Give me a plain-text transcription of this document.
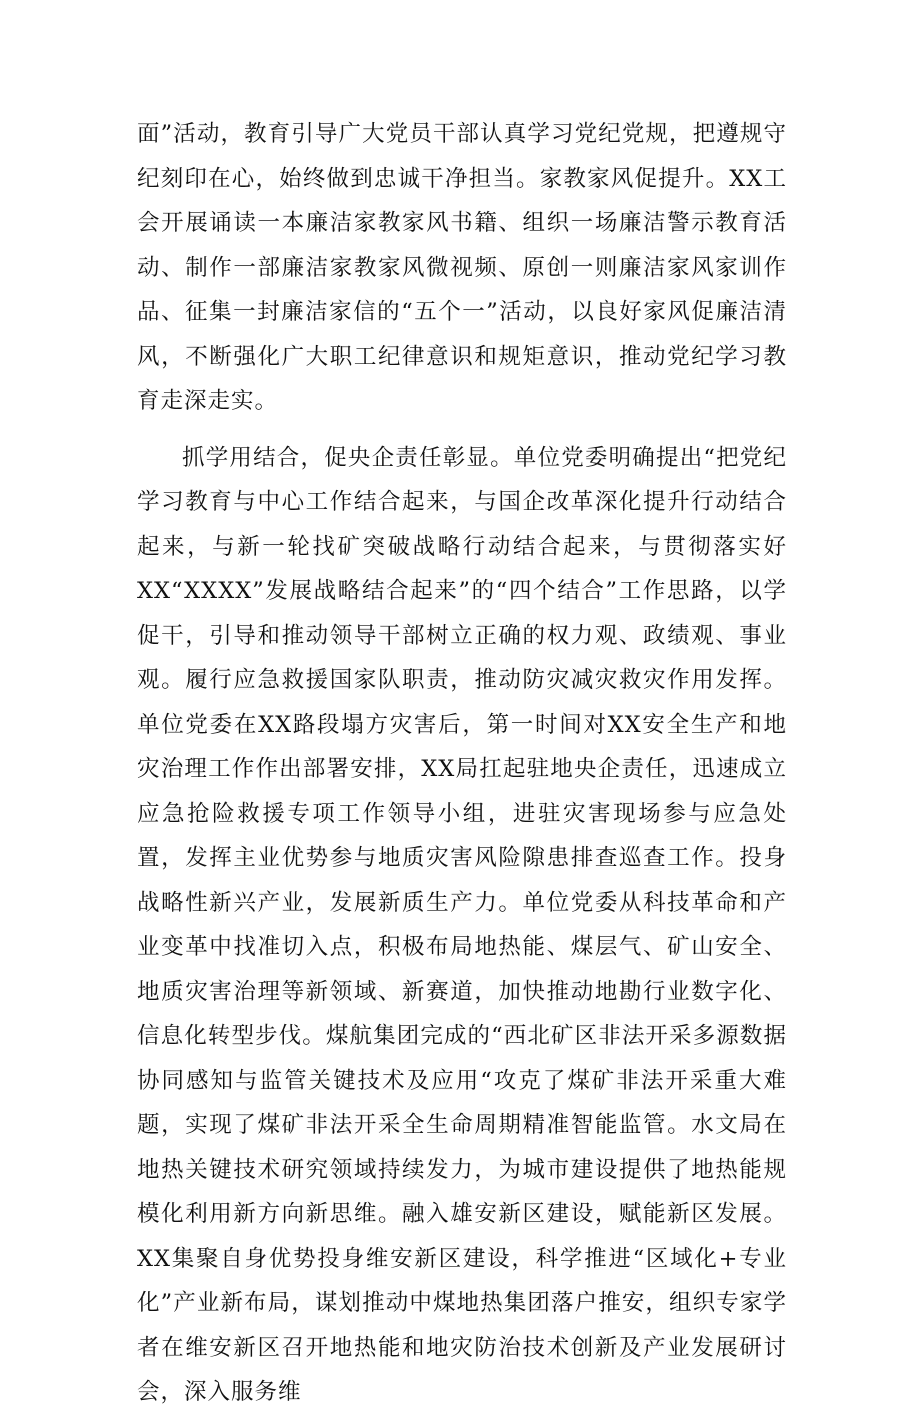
面”活动，教育引导广大党员干部认真学习党纪党规，把遵规守纪刻印在心，始终做到忠诚干净担当。家教家风促提升。XX工会开展诵读一本廉洁家教家风书籍、组织一场廉洁警示教育活动、制作一部廉洁家教家风微视频、原创一则廉洁家风家训作品、征集一封廉洁家信的“五个一”活动，以良好家风促廉洁清风，不断强化广大职工纪律意识和规矩意识，推动党纪学习教育走深走实。

抓学用结合，促央企责任彰显。单位党委明确提出“把党纪学习教育与中心工作结合起来，与国企改革深化提升行动结合起来，与新一轮找矿突破战略行动结合起来，与贯彻落实好XX“XXXX”发展战略结合起来”的“四个结合”工作思路，以学促干，引导和推动领导干部树立正确的权力观、政绩观、事业观。履行应急救援国家队职责，推动防灾减灾救灾作用发挥。单位党委在XX路段塌方灾害后，第一时间对XX安全生产和地灾治理工作作出部署安排，XX局扛起驻地央企责任，迅速成立应急抢险救援专项工作领导小组，进驻灾害现场参与应急处置，发挥主业优势参与地质灾害风险隙患排查巡查工作。投身战略性新兴产业，发展新质生产力。单位党委从科技革命和产业变革中找准切入点，积极布局地热能、煤层气、矿山安全、地质灾害治理等新领域、新赛道，加快推动地勘行业数字化、信息化转型步伐。煤航集团完成的“西北矿区非法开采多源数据协同感知与监管关键技术及应用“攻克了煤矿非法开采重大难题，实现了煤矿非法开采全生命周期精准智能监管。水文局在地热关键技术研究领域持续发力，为城市建设提供了地热能规模化利用新方向新思维。融入雄安新区建设，赋能新区发展。XX集聚自身优势投身维安新区建设，科学推进“区域化+专业化”产业新布局，谋划推动中煤地热集团落户推安，组织专家学者在维安新区召开地热能和地灾防治技术创新及产业发展研讨会，深入服务维
